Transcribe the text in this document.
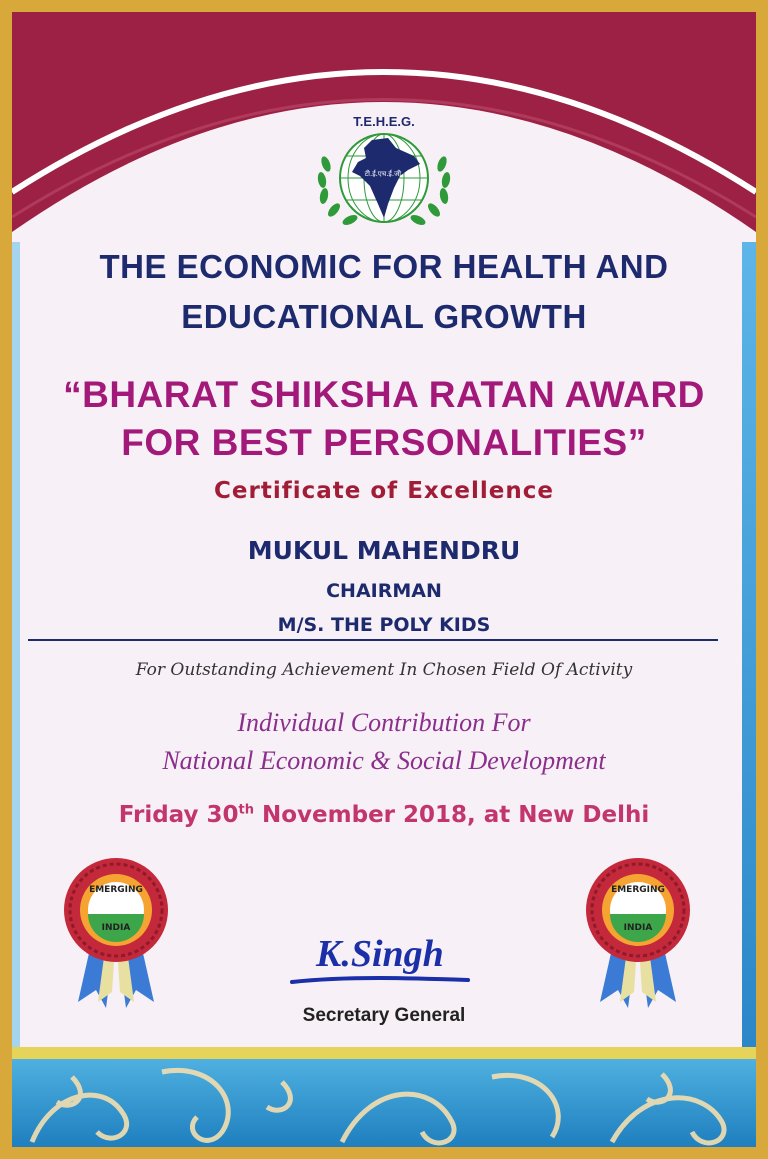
T.E.H.E.G.
टी.ई.एच.ई.जी.

THE ECONOMIC FOR HEALTH AND

EDUCATIONAL GROWTH

“BHARAT SHIKSHA RATAN AWARD

FOR BEST PERSONALITIES”

Certificate of Excellence

MUKUL MAHENDRU

CHAIRMAN

M/S. THE POLY KIDS

For Outstanding Achievement In Chosen Field Of Activity

Individual Contribution For

National Economic & Social Development

Friday 30th November 2018, at New Delhi

EMERGING
INDIA
EMERGING
INDIA
K.Singh

Secretary General
